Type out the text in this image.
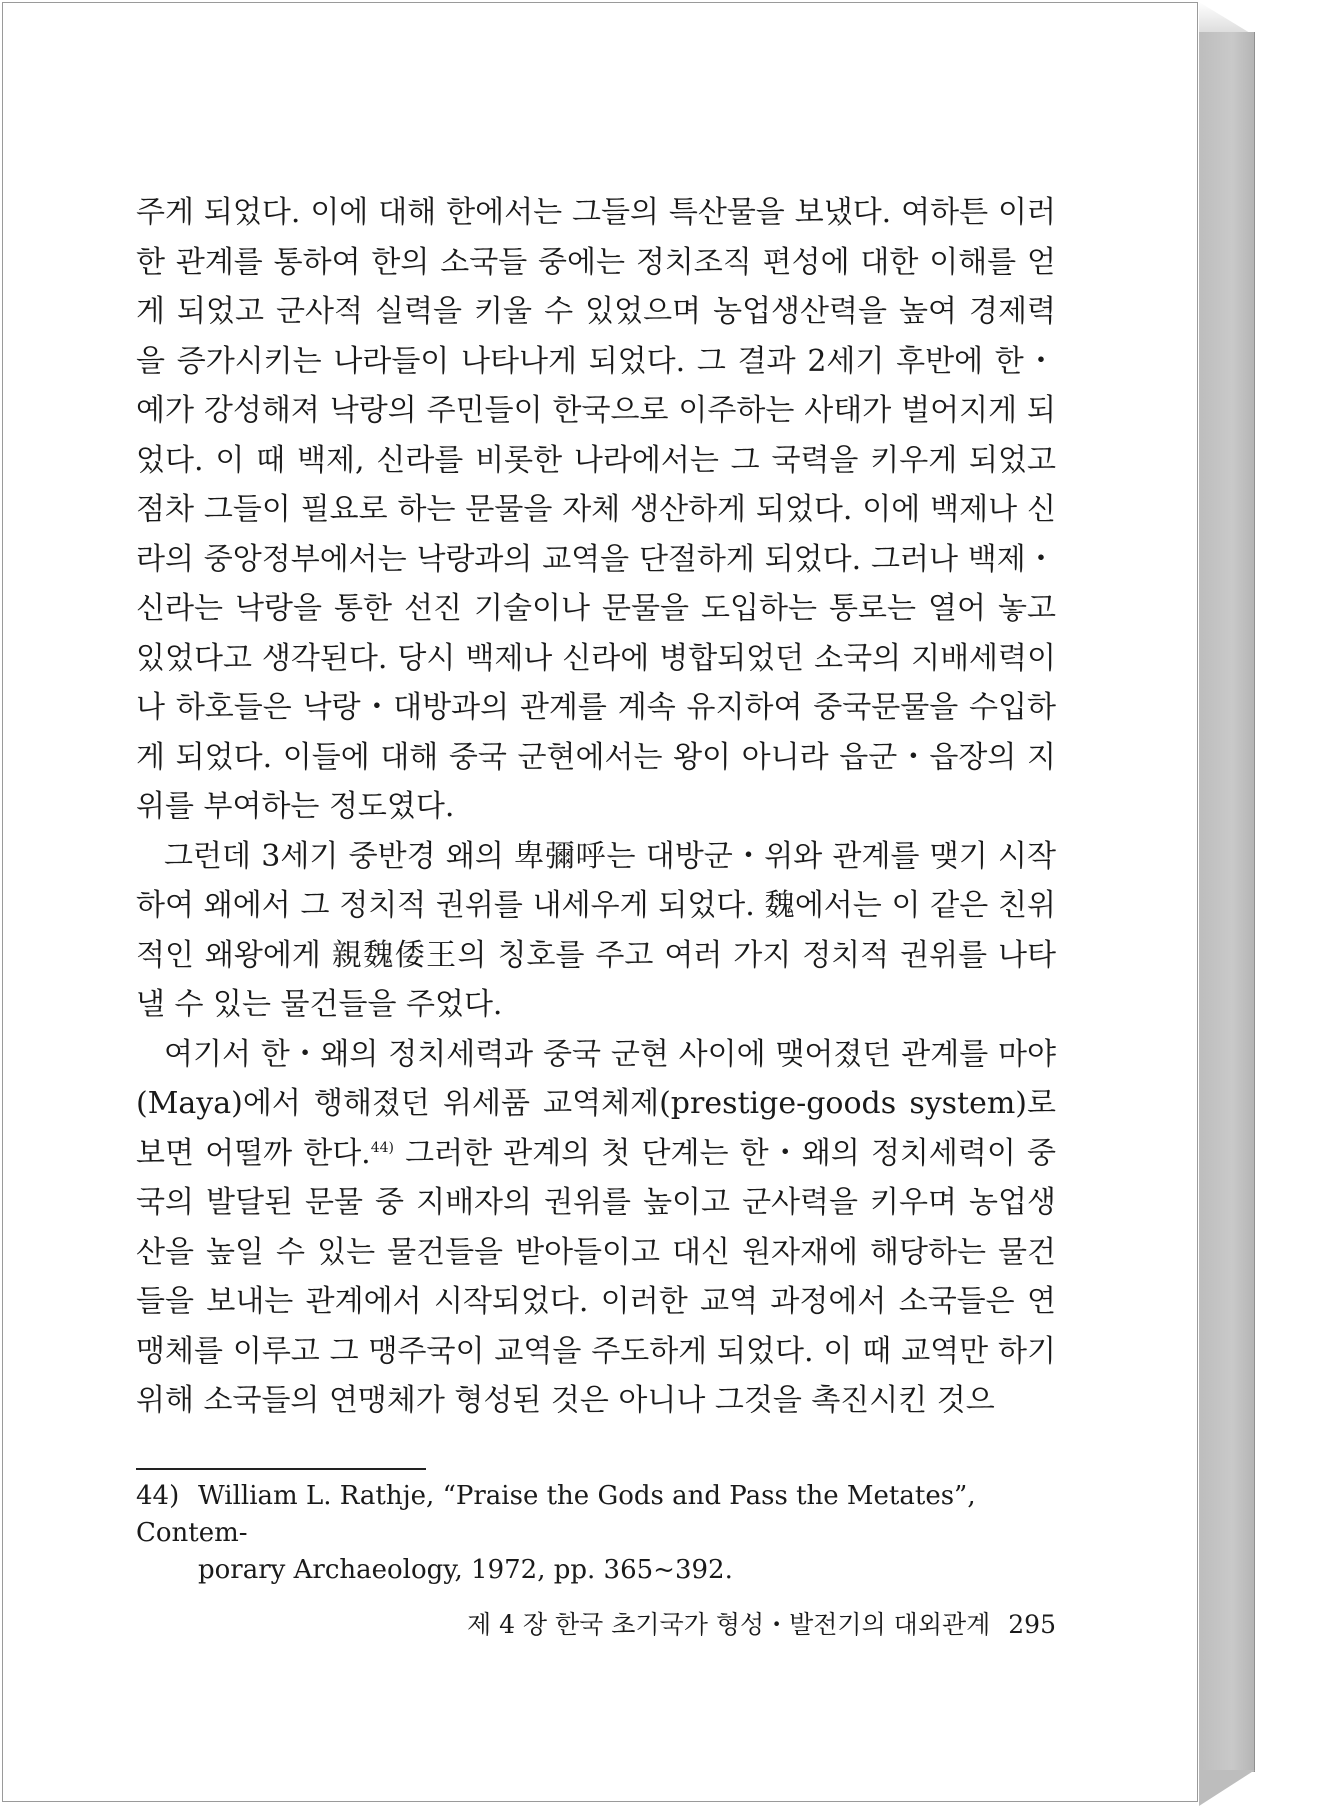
주게 되었다. 이에 대해 한에서는 그들의 특산물을 보냈다. 여하튼 이러한 관계를 통하여 한의 소국들 중에는 정치조직 편성에 대한 이해를 얻게 되었고 군사적 실력을 키울 수 있었으며 농업생산력을 높여 경제력을 증가시키는 나라들이 나타나게 되었다. 그 결과 2세기 후반에 한・예가 강성해져 낙랑의 주민들이 한국으로 이주하는 사태가 벌어지게 되었다. 이 때 백제, 신라를 비롯한 나라에서는 그 국력을 키우게 되었고 점차 그들이 필요로 하는 문물을 자체 생산하게 되었다. 이에 백제나 신라의 중앙정부에서는 낙랑과의 교역을 단절하게 되었다. 그러나 백제・신라는 낙랑을 통한 선진 기술이나 문물을 도입하는 통로는 열어 놓고 있었다고 생각된다. 당시 백제나 신라에 병합되었던 소국의 지배세력이나 하호들은 낙랑・대방과의 관계를 계속 유지하여 중국문물을 수입하게 되었다. 이들에 대해 중국 군현에서는 왕이 아니라 읍군・읍장의 지위를 부여하는 정도였다.

그런데 3세기 중반경 왜의 卑彌呼는 대방군・위와 관계를 맺기 시작하여 왜에서 그 정치적 권위를 내세우게 되었다. 魏에서는 이 같은 친위적인 왜왕에게 親魏倭王의 칭호를 주고 여러 가지 정치적 권위를 나타낼 수 있는 물건들을 주었다.

여기서 한・왜의 정치세력과 중국 군현 사이에 맺어졌던 관계를 마야(Maya)에서 행해졌던 위세품 교역체제(prestige-goods system)로 보면 어떨까 한다.$^{44)}$ 그러한 관계의 첫 단계는 한・왜의 정치세력이 중국의 발달된 문물 중 지배자의 권위를 높이고 군사력을 키우며 농업생산을 높일 수 있는 물건들을 받아들이고 대신 원자재에 해당하는 물건들을 보내는 관계에서 시작되었다. 이러한 교역 과정에서 소국들은 연맹체를 이루고 그 맹주국이 교역을 주도하게 되었다. 이 때 교역만 하기 위해 소국들의 연맹체가 형성된 것은 아니나 그것을 촉진시킨 것으

44) William L. Rathje, “Praise the Gods and Pass the Metates”, Contem-
porary Archaeology, 1972, pp. 365~392.
제 4 장 한국 초기국가 형성・발전기의 대외관계 295
